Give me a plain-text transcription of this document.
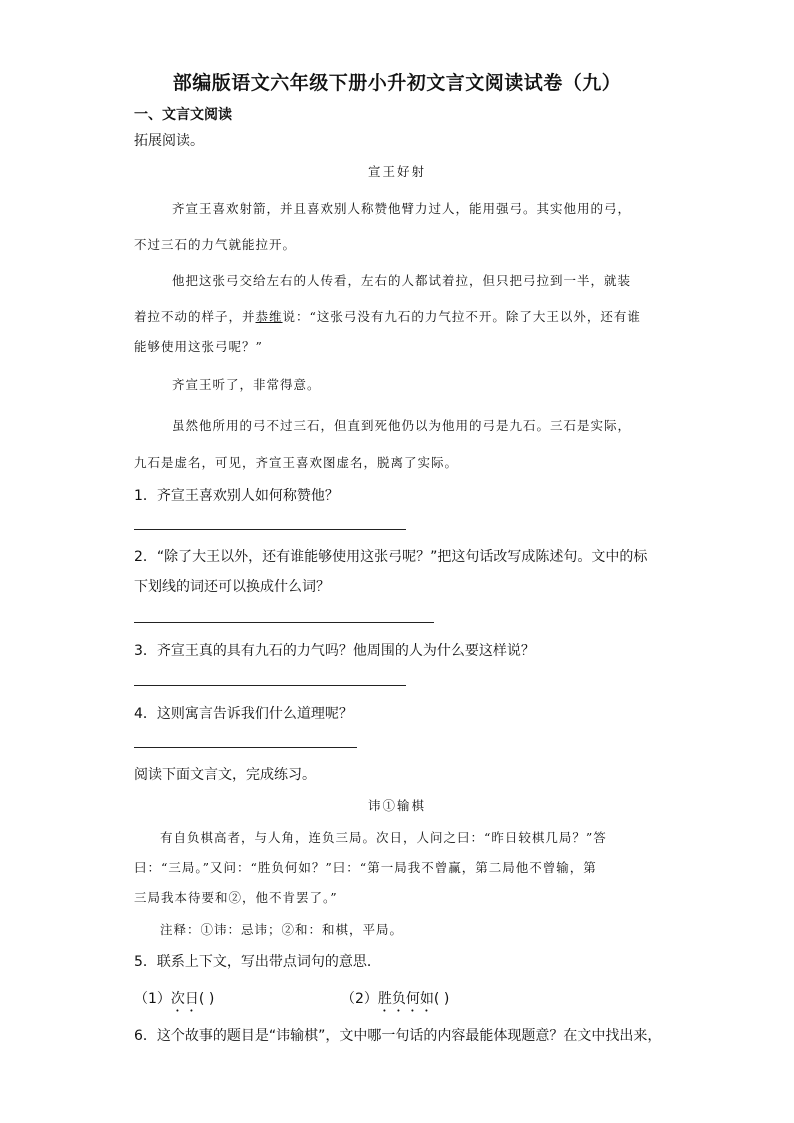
部编版语文六年级下册小升初文言文阅读试卷（九）
一、文言文阅读
拓展阅读。
宣王好射
齐宣王喜欢射箭，并且喜欢别人称赞他臂力过人，能用强弓。其实他用的弓，
不过三石的力气就能拉开。
他把这张弓交给左右的人传看，左右的人都试着拉，但只把弓拉到一半，就装
着拉不动的样子，并恭维说：“这张弓没有九石的力气拉不开。除了大王以外，还有谁
能够使用这张弓呢？”
齐宣王听了，非常得意。
虽然他所用的弓不过三石，但直到死他仍以为他用的弓是九石。三石是实际，
九石是虚名，可见，齐宣王喜欢图虚名，脱离了实际。
1．齐宣王喜欢别人如何称赞他？
2．“除了大王以外，还有谁能够使用这张弓呢？”把这句话改写成陈述句。文中的标
下划线的词还可以换成什么词？
3．齐宣王真的具有九石的力气吗？他周围的人为什么要这样说？
4．这则寓言告诉我们什么道理呢？
阅读下面文言文，完成练习。
讳①输棋
有自负棋高者，与人角，连负三局。次日，人问之曰：“昨日较棋几局？”答
曰：“三局。”又问：“胜负何如？”曰：“第一局我不曾赢，第二局他不曾输，第
三局我本待要和②，他不肯罢了。”
注释：①讳：忌讳；②和：和棋，平局。
5．联系上下文，写出带点词句的意思．
（1）次日( )	（2）胜负何如( )
6．这个故事的题目是“讳输棋”，文中哪一句话的内容最能体现题意？在文中找出来，
